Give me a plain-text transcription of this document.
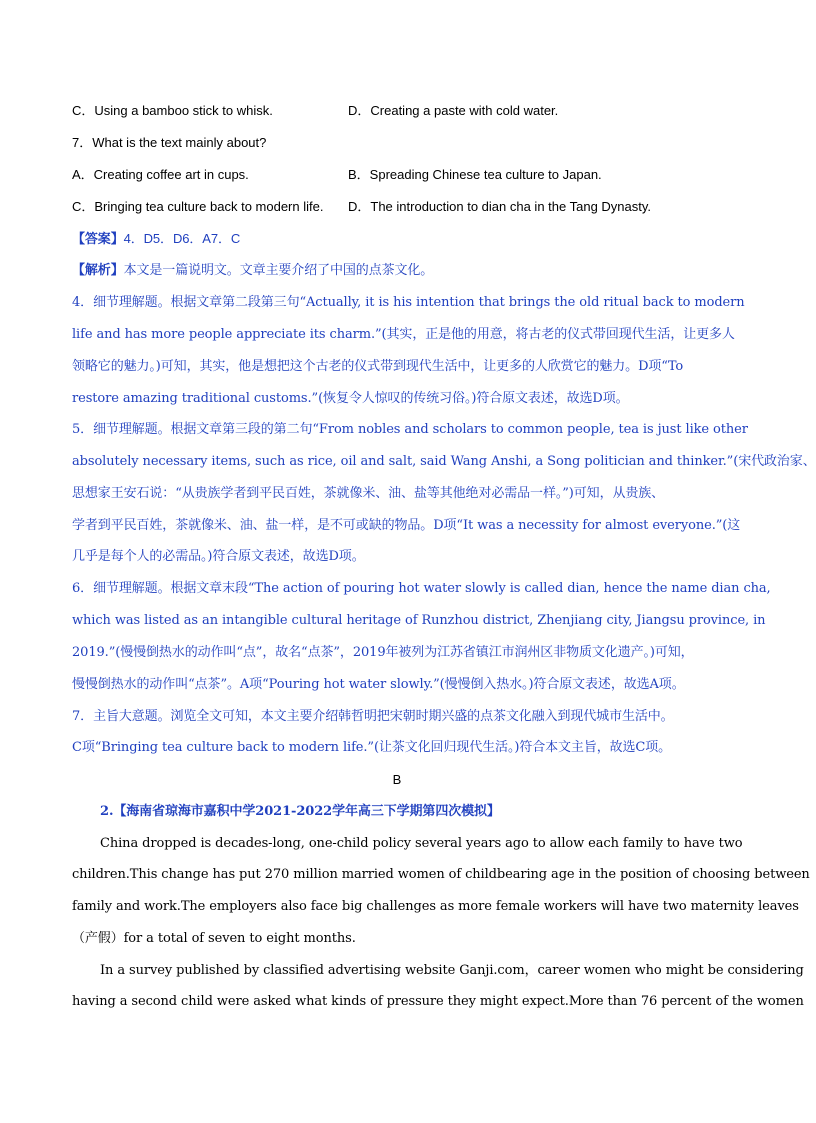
C．Using a bamboo stick to whisk.	D．Creating a paste with cold water.
7．What is the text mainly about?
A．Creating coffee art in cups.	B．Spreading Chinese tea culture to Japan.
C．Bringing tea culture back to modern life. D．The introduction to dian cha in the Tang Dynasty.
【答案】4．D5．D6．A7．C
【解析】本文是一篇说明文。文章主要介绍了中国的点茶文化。
4．细节理解题。根据文章第二段第三句“Actually, it is his intention that brings the old ritual back to modern
life and has more people appreciate its charm.”(其实，正是他的用意，将古老的仪式带回现代生活，让更多人
领略它的魅力。)可知，其实，他是想把这个古老的仪式带到现代生活中，让更多的人欣赏它的魅力。D项“To
restore amazing traditional customs.”(恢复令人惊叹的传统习俗。)符合原文表述，故选D项。
5．细节理解题。根据文章第三段的第二句“From nobles and scholars to common people, tea is just like other
absolutely necessary items, such as rice, oil and salt, said Wang Anshi, a Song politician and thinker.”(宋代政治家、
思想家王安石说：“从贵族学者到平民百姓，茶就像米、油、盐等其他绝对必需品一样。”)可知，从贵族、
学者到平民百姓，茶就像米、油、盐一样，是不可或缺的物品。D项“It was a necessity for almost everyone.”(这
几乎是每个人的必需品。)符合原文表述，故选D项。
6．细节理解题。根据文章末段“The action of pouring hot water slowly is called dian, hence the name dian cha,
which was listed as an intangible cultural heritage of Runzhou district, Zhenjiang city, Jiangsu province, in
2019.”(慢慢倒热水的动作叫“点”，故名“点茶”，2019年被列为江苏省镇江市润州区非物质文化遗产。)可知，
慢慢倒热水的动作叫“点茶”。A项“Pouring hot water slowly.”(慢慢倒入热水。)符合原文表述，故选A项。
7．主旨大意题。浏览全文可知，本文主要介绍韩哲明把宋朝时期兴盛的点茶文化融入到现代城市生活中。
C项“Bringing tea culture back to modern life.”(让茶文化回归现代生活。)符合本文主旨，故选C项。
B
2.【海南省琼海市嘉积中学2021-2022学年高三下学期第四次模拟】
China dropped is decades-long, one-child policy several years ago to allow each family to have two
children.This change has put 270 million married women of childbearing age in the position of choosing between
family and work.The employers also face big challenges as more female workers will have two maternity leaves
（产假）for a total of seven to eight months.
In a survey published by classified advertising website Ganji.com，career women who might be considering
having a second child were asked what kinds of pressure they might expect.More than 76 percent of the women
